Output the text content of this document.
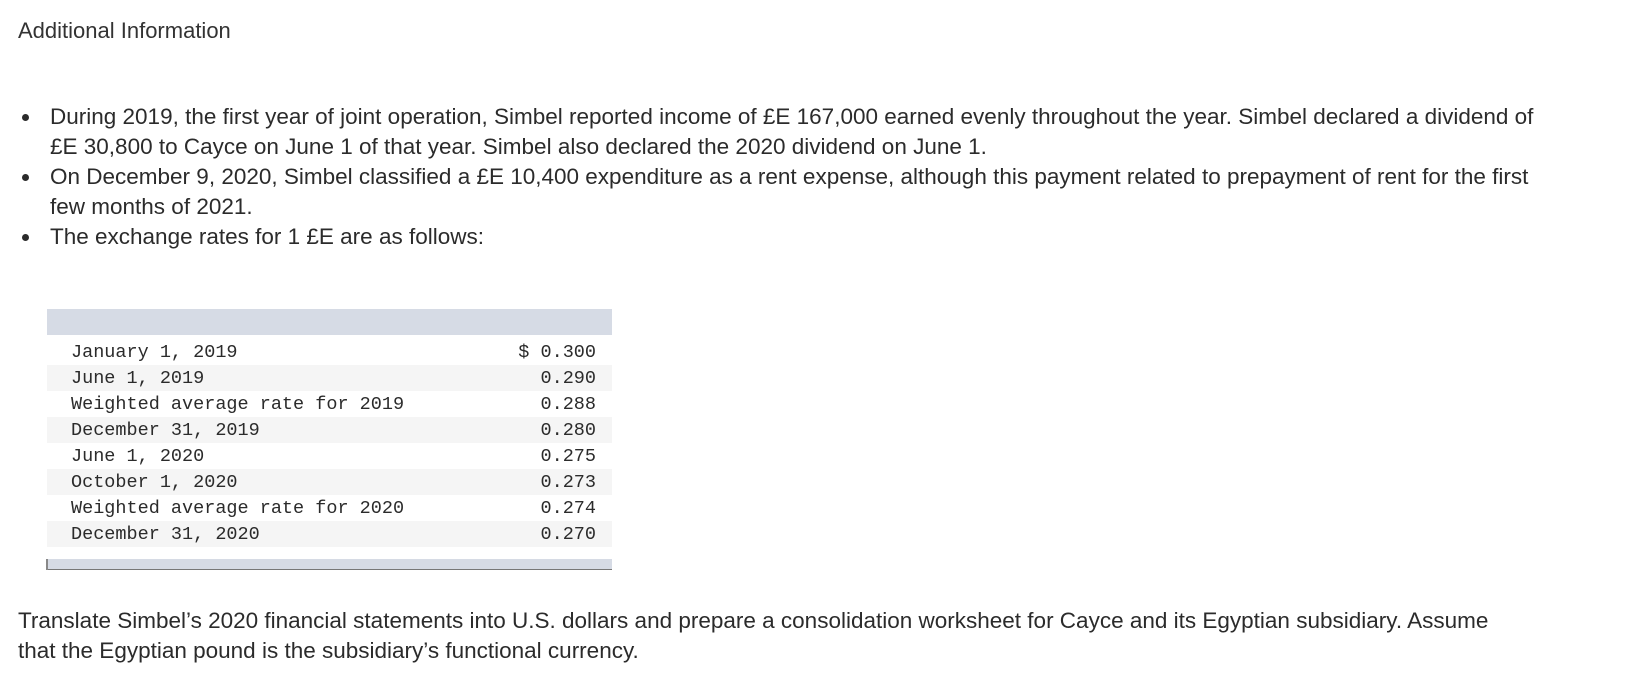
Additional Information
During 2019, the first year of joint operation, Simbel reported income of £E 167,000 earned evenly throughout the year. Simbel declared a dividend of £E 30,800 to Cayce on June 1 of that year. Simbel also declared the 2020 dividend on June 1.
On December 9, 2020, Simbel classified a £E 10,400 expenditure as a rent expense, although this payment related to prepayment of rent for the first few months of 2021.
The exchange rates for 1 £E are as follows:

January 1, 2019	$ 0.300
June 1, 2019	0.290
Weighted average rate for 2019	0.288
December 31, 2019	0.280
June 1, 2020	0.275
October 1, 2020	0.273
Weighted average rate for 2020	0.274
December 31, 2020	0.270

Translate Simbel’s 2020 financial statements into U.S. dollars and prepare a consolidation worksheet for Cayce and its Egyptian subsidiary. Assume that the Egyptian pound is the subsidiary’s functional currency.
